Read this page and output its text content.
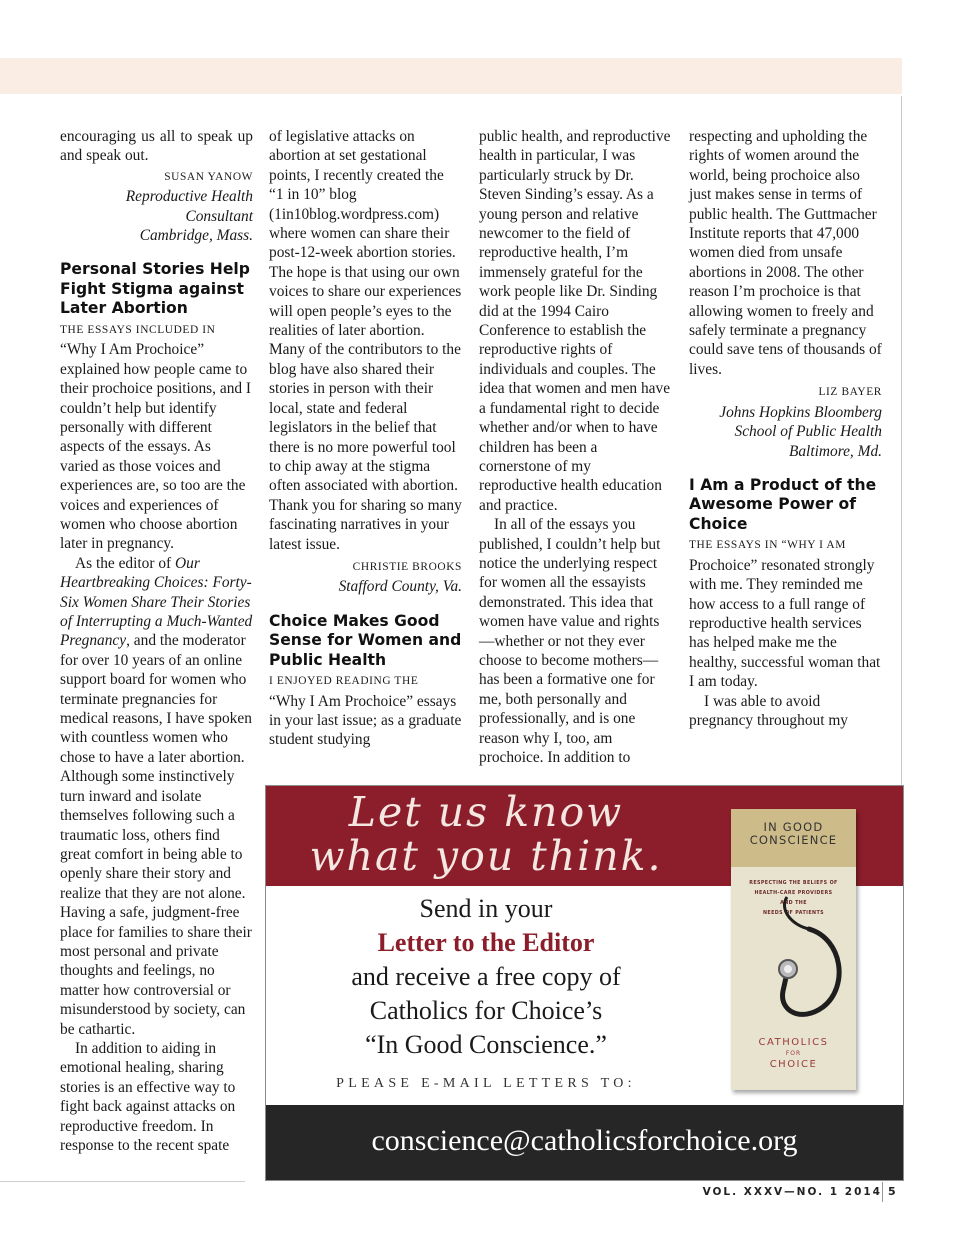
encouraging us all to speak up and speak out.

SUSAN YANOW

Reproductive Health Consultant

Cambridge, Mass.

Personal Stories Help Fight Stigma against Later Abortion

THE ESSAYS INCLUDED IN

“Why I Am Prochoice” explained how people came to their prochoice positions, and I couldn’t help but identify personally with different aspects of the essays. As varied as those voices and experiences are, so too are the voices and experiences of women who choose abortion later in pregnancy.

As the editor of Our Heartbreaking Choices: Forty-Six Women Share Their Stories of Interrupting a Much-Wanted Pregnancy, and the moderator for over 10 years of an online support board for women who terminate pregnancies for medical reasons, I have spoken with countless women who chose to have a later abortion. Although some instinctively turn inward and isolate themselves following such a traumatic loss, others find great comfort in being able to openly share their story and realize that they are not alone. Having a safe, judgment-free place for families to share their most personal and private thoughts and feelings, no matter how controversial or misunderstood by society, can be cathartic.

In addition to aiding in emotional healing, sharing stories is an effective way to fight back against attacks on reproductive freedom. In response to the recent spate

of legislative attacks on abortion at set gestational points, I recently created the “1 in 10” blog (1in10blog.wordpress.com) where women can share their post-12-week abortion stories. The hope is that using our own voices to share our experiences will open people’s eyes to the realities of later abortion. Many of the contributors to the blog have also shared their stories in person with their local, state and federal legislators in the belief that there is no more powerful tool to chip away at the stigma often associated with abortion. Thank you for sharing so many fascinating narratives in your latest issue.

CHRISTIE BROOKS

Stafford County, Va.

Choice Makes Good Sense for Women and Public Health

I ENJOYED READING THE

“Why I Am Prochoice” essays in your last issue; as a graduate student studying

public health, and reproductive health in particular, I was particularly struck by Dr. Steven Sinding’s essay. As a young person and relative newcomer to the field of reproductive health, I’m immensely grateful for the work people like Dr. Sinding did at the 1994 Cairo Conference to establish the reproductive rights of individuals and couples. The idea that women and men have a fundamental right to decide whether and/or when to have children has been a cornerstone of my reproductive health education and practice.

In all of the essays you published, I couldn’t help but notice the underlying respect for women all the essayists demonstrated. This idea that women have value and rights—whether or not they ever choose to become mothers—has been a formative one for me, both personally and professionally, and is one reason why I, too, am prochoice. In addition to

respecting and upholding the rights of women around the world, being prochoice also just makes sense in terms of public health. The Guttmacher Institute reports that 47,000 women died from unsafe abortions in 2008. The other reason I’m prochoice is that allowing women to freely and safely terminate a pregnancy could save tens of thousands of lives.

LIZ BAYER

Johns Hopkins Bloomberg

School of Public Health

Baltimore, Md.

I Am a Product of the Awesome Power of Choice

THE ESSAYS IN “WHY I AM

Prochoice” resonated strongly with me. They reminded me how access to a full range of reproductive health services has helped make me the healthy, successful woman that I am today.

I was able to avoid pregnancy throughout my

Let us know
what you think.
Send in your
Letter to the Editor
and receive a free copy of
Catholics for Choice’s
“In Good Conscience.”
PLEASE E-MAIL LETTERS TO:
IN GOOD
CONSCIENCE
RESPECTING THE BELIEFS OF
HEALTH-CARE PROVIDERS
AND THE
NEEDS OF PATIENTS
CATHOLICS
FOR
CHOICE
conscience@catholicsforchoice.org
VOL. XXXV—NO. 1 2014 5
